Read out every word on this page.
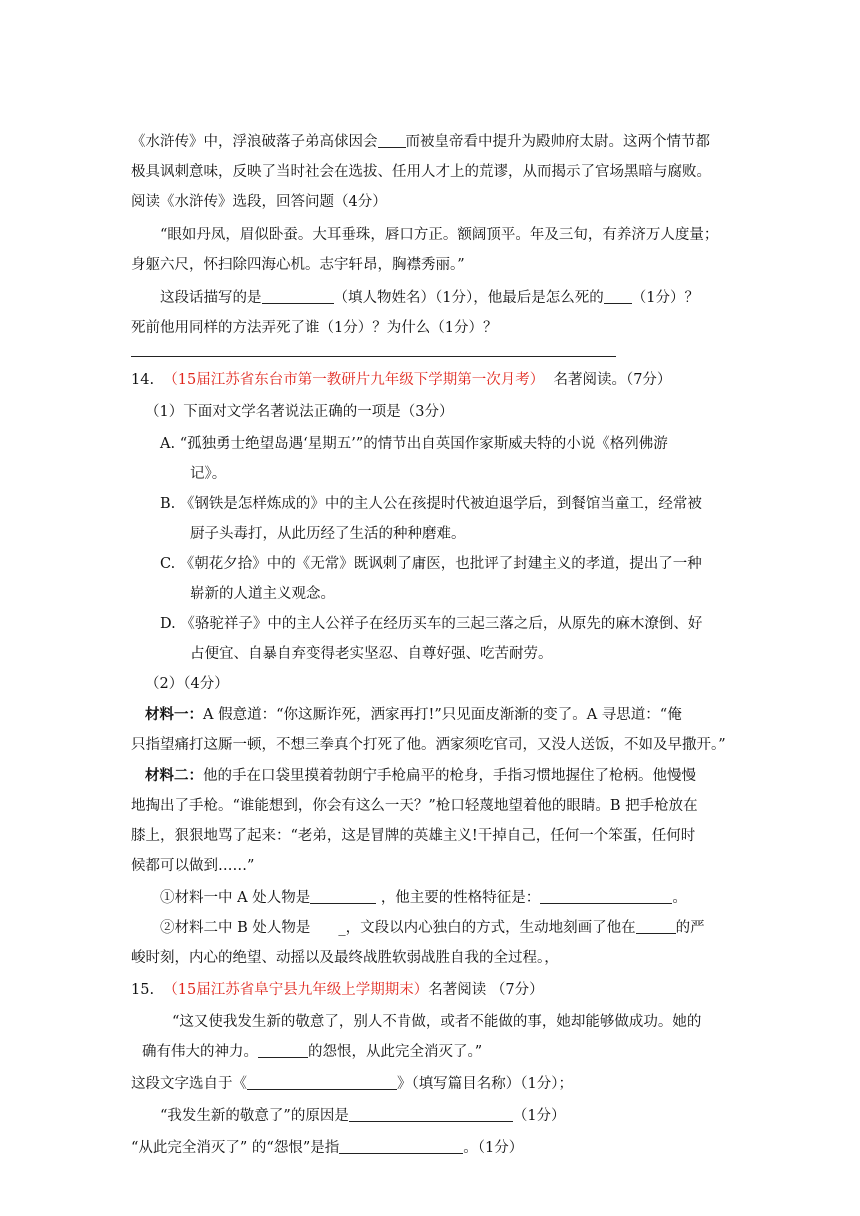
《水浒传》中，浮浪破落子弟高俅因会 而被皇帝看中提升为殿帅府太尉。这两个情节都
极具讽刺意味，反映了当时社会在选拔、任用人才上的荒谬，从而揭示了官场黑暗与腐败。
阅读《水浒传》选段，回答问题（4分）
“眼如丹凤，眉似卧蚕。大耳垂珠，唇口方正。额阔顶平。年及三旬，有养济万人度量；
身躯六尺，怀扫除四海心机。志宇轩昂，胸襟秀丽。”
这段话描写的是	（填人物姓名）（1分），他最后是怎么死的 （1分）？
死前他用同样的方法弄死了谁（1分）？为什么（1分）？
14. （15届江苏省东台市第一教研片九年级下学期第一次月考） 名著阅读。（7分）
（1）下面对文学名著说法正确的一项是（3分）
A. “孤独勇士绝望岛遇‘星期五’”的情节出自英国作家斯威夫特的小说《格列佛游
记》。
B. 《钢铁是怎样炼成的》中的主人公在孩提时代被迫退学后，到餐馆当童工，经常被
厨子头毒打，从此历经了生活的种种磨难。
C. 《朝花夕拾》中的《无常》既讽刺了庸医，也批评了封建主义的孝道，提出了一种
崭新的人道主义观念。
D. 《骆驼祥子》中的主人公祥子在经历买车的三起三落之后，从原先的麻木潦倒、好
占便宜、自暴自弃变得老实坚忍、自尊好强、吃苦耐劳。
（2）（4分）
材料一：A 假意道：“你这厮诈死，洒家再打!”只见面皮渐渐的变了。A 寻思道：“俺
只指望痛打这厮一顿，不想三拳真个打死了他。洒家须吃官司，又没人送饭，不如及早撒开。”
材料二：他的手在口袋里摸着勃朗宁手枪扁平的枪身，手指习惯地握住了枪柄。他慢慢
地掏出了手枪。“谁能想到，你会有这么一天？”枪口轻蔑地望着他的眼睛。B 把手枪放在
膝上，狠狠地骂了起来：“老弟，这是冒牌的英雄主义!干掉自己，任何一个笨蛋，任何时
候都可以做到……”
①材料一中 A 处人物是	，他主要的性格特征是：	。
②材料二中 B 处人物是 _，文段以内心独白的方式，生动地刻画了他在	的严
峻时刻，内心的绝望、动摇以及最终战胜软弱战胜自我的全过程。，
15. （15届江苏省阜宁县九年级上学期期末）名著阅读 （7分）
“这又使我发生新的敬意了，别人不肯做，或者不能做的事，她却能够做成功。她的
确有伟大的神力。	的怨恨，从此完全消灭了。”
这段文字选自于《	》（填写篇目名称）（1分）；
“我发生新的敬意了”的原因是	（1分）
“从此完全消灭了” 的“怨恨”是指	。（1分）
